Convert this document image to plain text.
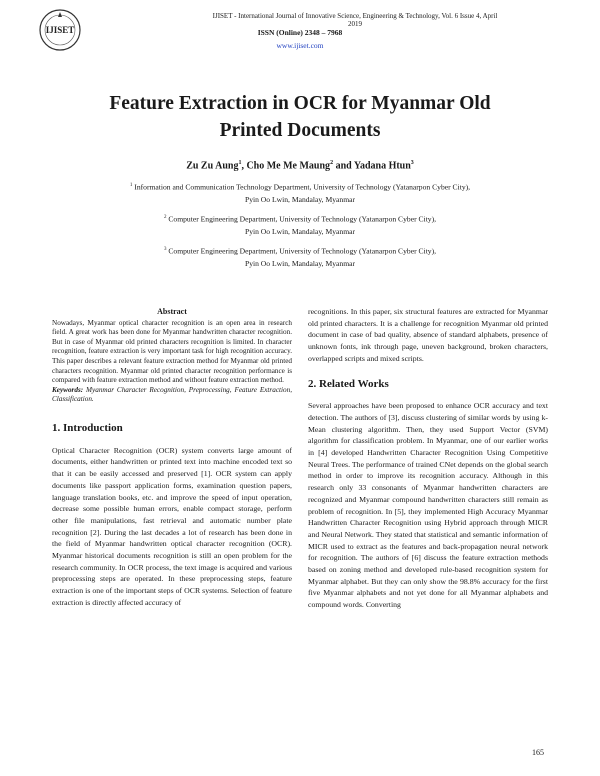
IJISET
IJISET - International Journal of Innovative Science, Engineering & Technology, Vol. 6 Issue 4, April 2019
ISSN (Online) 2348 – 7968
www.ijiset.com
Feature Extraction in OCR for Myanmar Old
Printed Documents
Zu Zu Aung$^1$, Cho Me Me Maung$^2$ and Yadana Htun$^3$
$^1$ Information and Communication Technology Department, University of Technology (Yatanarpon Cyber City),
Pyin Oo Lwin, Mandalay, Myanmar
$^2$ Computer Engineering Department, University of Technology (Yatanarpon Cyber City),
Pyin Oo Lwin, Mandalay, Myanmar
$^3$ Computer Engineering Department, University of Technology (Yatanarpon Cyber City),
Pyin Oo Lwin, Mandalay, Myanmar
Abstract

Nowadays, Myanmar optical character recognition is an open area in research field. A great work has been done for Myanmar handwritten character recognition. But in case of Myanmar old printed characters recognition is limited. In character recognition, feature extraction is very important task for high recognition accuracy. This paper describes a relevant feature extraction method for Myanmar old printed characters recognition. Myanmar old printed character recognition performance is compared with feature extraction method and without feature extraction method.

Keywords: Myanmar Character Recognition, Preprocessing, Feature Extraction, Classification.

1. Introduction

Optical Character Recognition (OCR) system converts large amount of documents, either handwritten or printed text into machine encoded text so that it can be easily accessed and preserved [1]. OCR system can apply documents like passport application forms, examination question papers, language translation books, etc. and improve the speed of input operation, decrease some possible human errors, enable compact storage, perform other file manipulations, fast retrieval and automatic number plate recognition [2]. During the last decades a lot of research has been done in the field of Myanmar handwritten optical character recognition (OCR). Myanmar historical documents recognition is still an open problem for the research community. In OCR process, the text image is acquired and various preprocessing steps are operated. In these preprocessing steps, feature extraction is one of the important steps of OCR systems. Selection of feature extraction is directly affected accuracy of

recognitions. In this paper, six structural features are extracted for Myanmar old printed characters. It is a challenge for recognition Myanmar old printed document in case of bad quality, absence of standard alphabets, presence of unknown fonts, ink through page, uneven background, broken characters, overlapped scripts and mixed scripts.

2. Related Works

Several approaches have been proposed to enhance OCR accuracy and text detection. The authors of [3], discuss clustering of similar words by using k-Mean clustering algorithm. Then, they used Support Vector (SVM) algorithm for classification problem. In Myanmar, one of our earlier works in [4] developed Handwritten Character Recognition Using Competitive Neural Trees. The performance of trained CNet depends on the global search method in order to improve its recognition accuracy. Although in this research only 33 consonants of Myanmar handwritten characters are recognized and Myanmar compound handwritten characters still remain as problem of recognition. In [5], they implemented High Accuracy Myanmar Handwritten Character Recognition using Hybrid approach through MICR and Neural Network. They stated that statistical and semantic information of MICR used to extract as the features and back-propagation neural network for recognition. The authors of [6] discuss the feature extraction methods based on zoning method and developed rule-based recognition system for Myanmar alphabet. But they can only show the 98.8% accuracy for the first five Myanmar alphabets and not yet done for all Myanmar alphabets and compound words. Converting

165
